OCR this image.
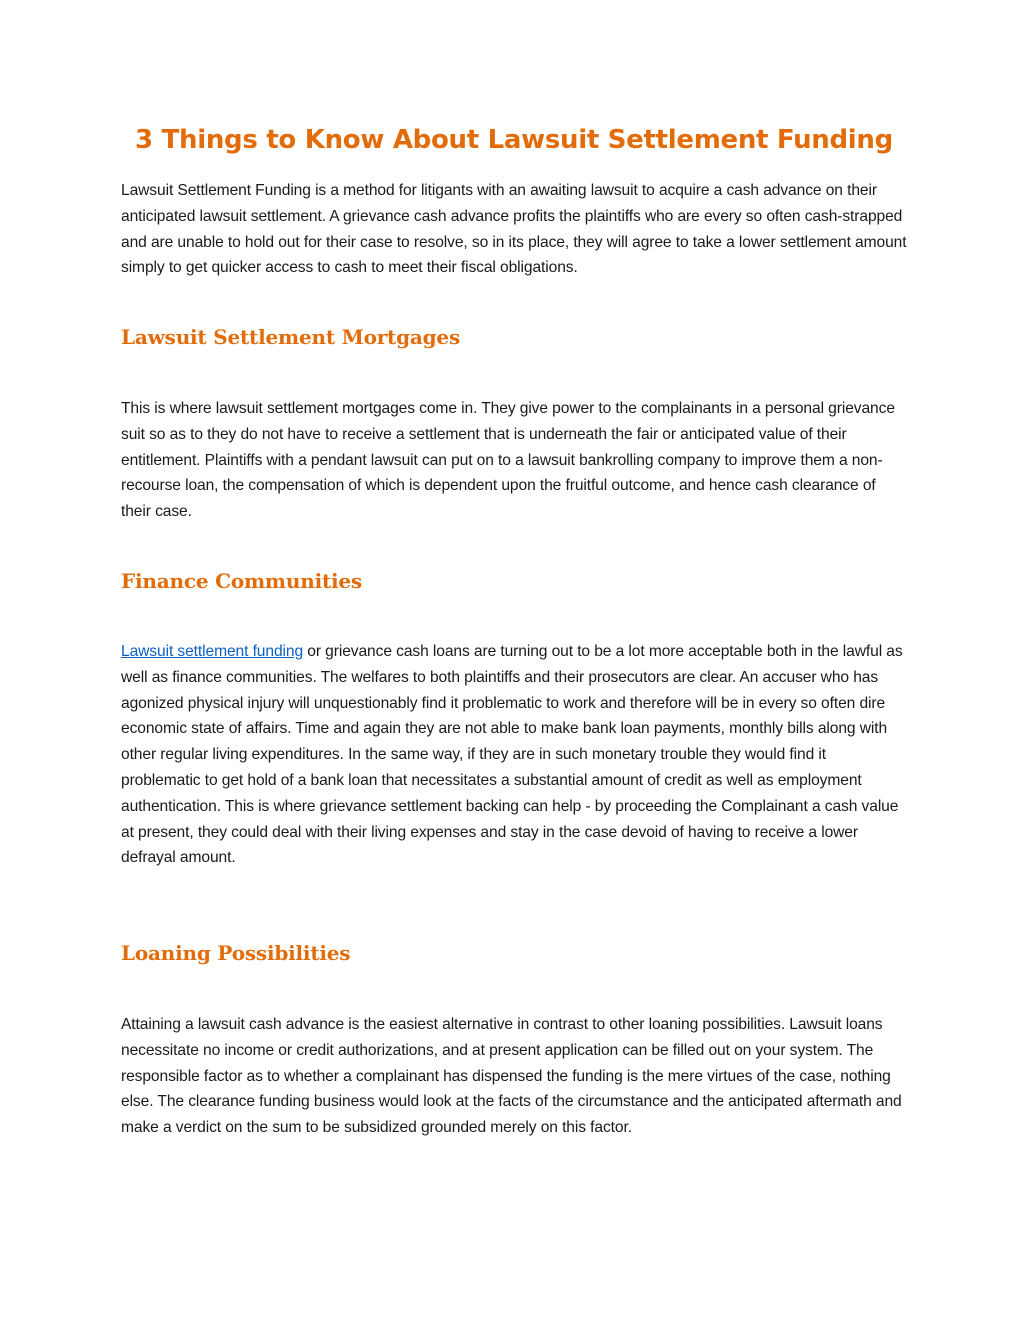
3 Things to Know About Lawsuit Settlement Funding

Lawsuit Settlement Funding is a method for litigants with an awaiting lawsuit to acquire a cash advance on their anticipated lawsuit settlement. A grievance cash advance profits the plaintiffs who are every so often cash-strapped and are unable to hold out for their case to resolve, so in its place, they will agree to take a lower settlement amount simply to get quicker access to cash to meet their fiscal obligations.

Lawsuit Settlement Mortgages

This is where lawsuit settlement mortgages come in. They give power to the complainants in a personal grievance suit so as to they do not have to receive a settlement that is underneath the fair or anticipated value of their entitlement. Plaintiffs with a pendant lawsuit can put on to a lawsuit bankrolling company to improve them a non-recourse loan, the compensation of which is dependent upon the fruitful outcome, and hence cash clearance of their case.

Finance Communities

Lawsuit settlement funding or grievance cash loans are turning out to be a lot more acceptable both in the lawful as well as finance communities. The welfares to both plaintiffs and their prosecutors are clear. An accuser who has agonized physical injury will unquestionably find it problematic to work and therefore will be in every so often dire economic state of affairs. Time and again they are not able to make bank loan payments, monthly bills along with other regular living expenditures. In the same way, if they are in such monetary trouble they would find it problematic to get hold of a bank loan that necessitates a substantial amount of credit as well as employment authentication. This is where grievance settlement backing can help - by proceeding the Complainant a cash value at present, they could deal with their living expenses and stay in the case devoid of having to receive a lower defrayal amount.

Loaning Possibilities

Attaining a lawsuit cash advance is the easiest alternative in contrast to other loaning possibilities. Lawsuit loans necessitate no income or credit authorizations, and at present application can be filled out on your system. The responsible factor as to whether a complainant has dispensed the funding is the mere virtues of the case, nothing else. The clearance funding business would look at the facts of the circumstance and the anticipated aftermath and make a verdict on the sum to be subsidized grounded merely on this factor.
